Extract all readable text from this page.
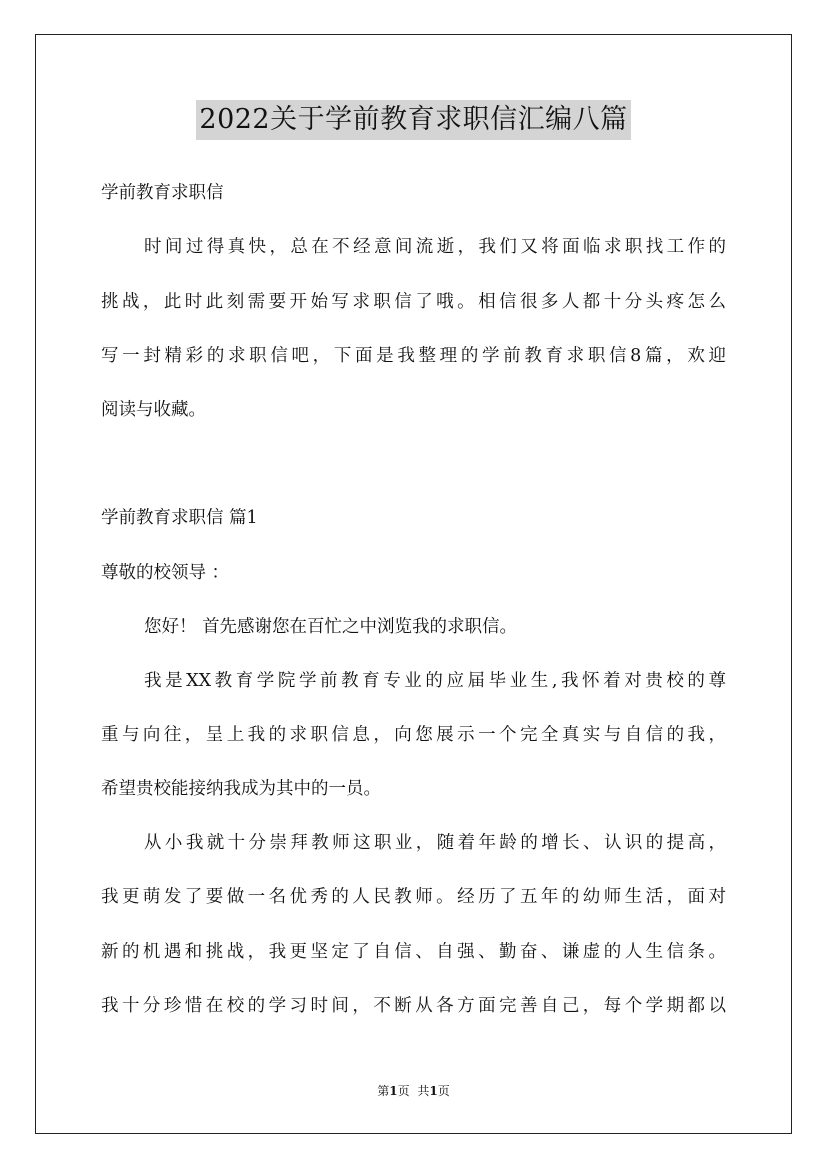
2022关于学前教育求职信汇编八篇
学前教育求职信
时间过得真快，总在不经意间流逝，我们又将面临求职找工作的
挑战，此时此刻需要开始写求职信了哦。相信很多人都十分头疼怎么
写一封精彩的求职信吧，下面是我整理的学前教育求职信8篇，欢迎
阅读与收藏。
学前教育求职信 篇1
尊敬的校领导 ：
您好！ 首先感谢您在百忙之中浏览我的求职信。
我是XX教育学院学前教育专业的应届毕业生,我怀着对贵校的尊
重与向往，呈上我的求职信息，向您展示一个完全真实与自信的我，
希望贵校能接纳我成为其中的一员。
从小我就十分崇拜教师这职业，随着年龄的增长、认识的提高，
我更萌发了要做一名优秀的人民教师。经历了五年的幼师生活，面对
新的机遇和挑战，我更坚定了自信、自强、勤奋、谦虚的人生信条。
我十分珍惜在校的学习时间，不断从各方面完善自己，每个学期都以
第1页 共1页
